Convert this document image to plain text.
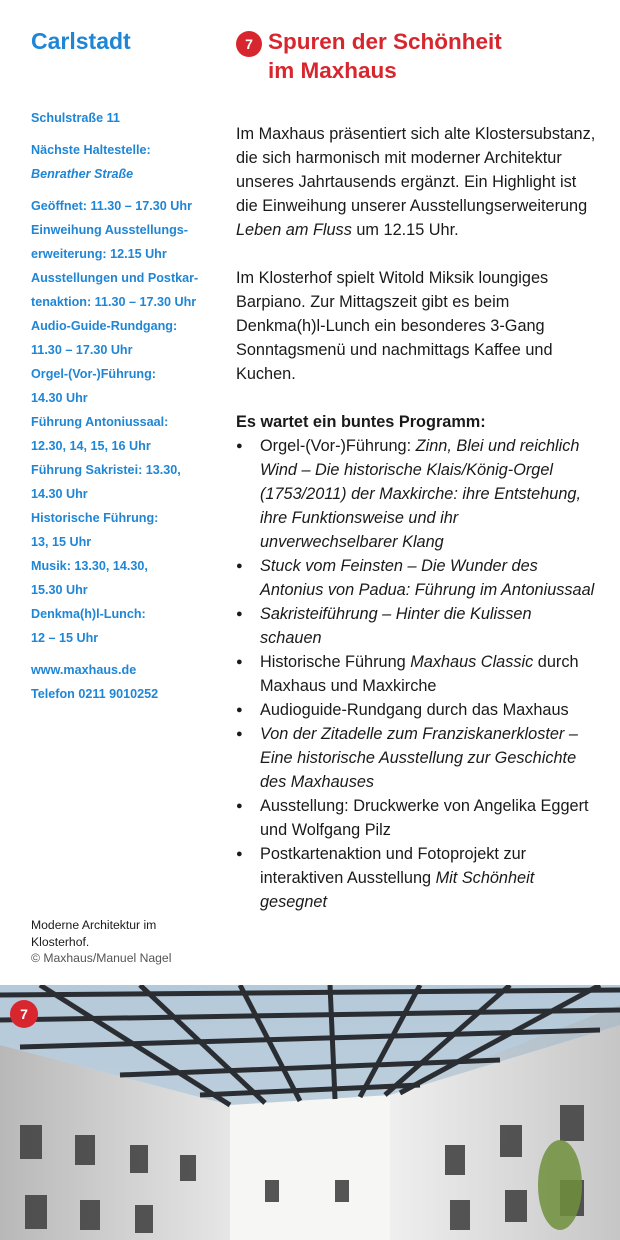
Carlstadt
Schulstraße 11
Nächste Haltestelle:
Benrather Straße
Geöffnet: 11.30 – 17.30 Uhr
Einweihung Ausstellungs-
erweiterung: 12.15 Uhr
Ausstellungen und Postkar-
tenaktion: 11.30 – 17.30 Uhr
Audio-Guide-Rundgang:
11.30 – 17.30 Uhr
Orgel-(Vor-)Führung:
14.30 Uhr
Führung Antoniussaal:
12.30, 14, 15, 16 Uhr
Führung Sakristei: 13.30,
14.30 Uhr
Historische Führung:
13, 15 Uhr
Musik: 13.30, 14.30,
15.30 Uhr
Denkma(h)l-Lunch:
12 – 15 Uhr
www.maxhaus.de
Telefon 0211 9010252
7 Spuren der Schönheit
im Maxhaus

Im Maxhaus präsentiert sich alte Klostersubstanz, die sich harmonisch mit moderner Architektur unseres Jahrtausends ergänzt. Ein Highlight ist die Einweihung unserer Ausstellungserweiterung Leben am Fluss um 12.15 Uhr.

Im Klosterhof spielt Witold Miksik loungiges Barpiano. Zur Mittagszeit gibt es beim Denkma(h)l-Lunch ein besonderes 3-Gang Sonntagsmenü und nachmittags Kaffee und Kuchen.

Es wartet ein buntes Programm:
● Orgel-(Vor-)Führung: Zinn, Blei und reichlich Wind – Die historische Klais/König-Orgel (1753/2011) der Maxkirche: ihre Entstehung, ihre Funktionsweise und ihr unverwechselbarer Klang
● Stuck vom Feinsten – Die Wunder des Antonius von Padua: Führung im Antoniussaal
● Sakristeiführung – Hinter die Kulissen schauen
● Historische Führung Maxhaus Classic durch Maxhaus und Maxkirche
● Audioguide-Rundgang durch das Maxhaus
● Von der Zitadelle zum Franziskanerkloster – Eine historische Ausstellung zur Geschichte des Maxhauses
● Ausstellung: Druckwerke von Angelika Eggert und Wolfgang Pilz
● Postkartenaktion und Fotoprojekt zur interaktiven Ausstellung Mit Schönheit gesegnet
Moderne Architektur im
Klosterhof.
© Maxhaus/Manuel Nagel
7
